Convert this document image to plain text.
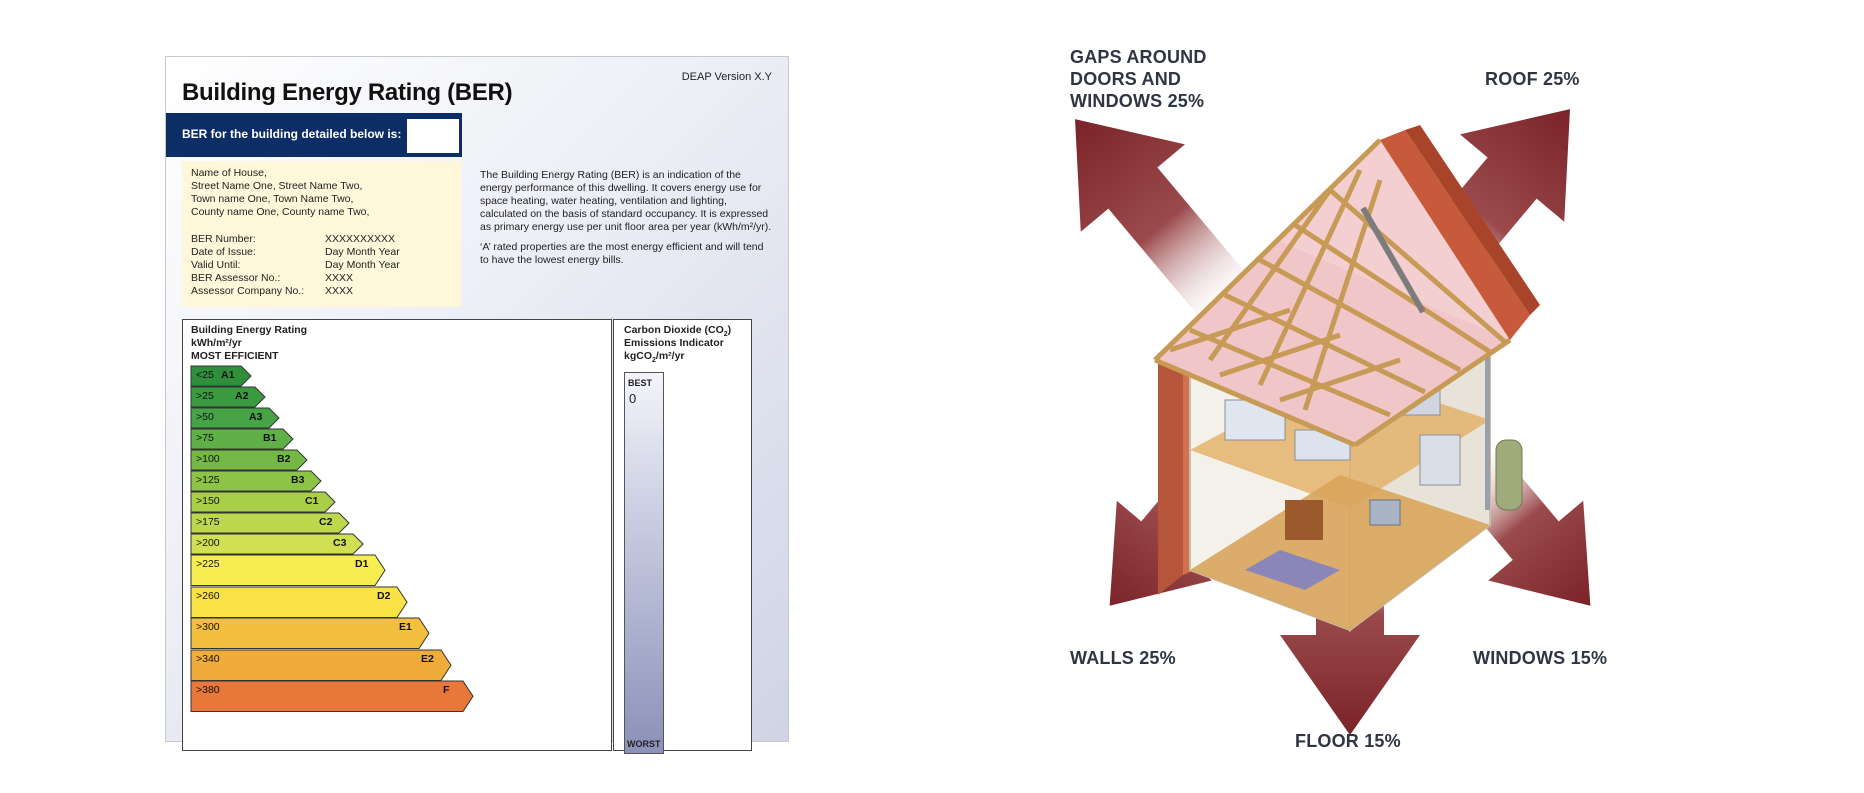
DEAP Version X.Y
Building Energy Rating (BER)
BER for the building detailed below is:
Name of House,
Street Name One, Street Name Two,
Town name One, Town Name Two,
County name One, County name Two,
BER Number:	XXXXXXXXXX
Date of Issue:	Day Month Year
Valid Until:	Day Month Year
BER Assessor No.:	XXXX
Assessor Company No.: XXXX

The Building Energy Rating (BER) is an indication of the energy performance of this dwelling. It covers energy use for space heating, water heating, ventilation and lighting, calculated on the basis of standard occupancy. It is expressed as primary energy use per unit floor area per year (kWh/m²/yr).

‘A’ rated properties are the most energy efficient and will tend to have the lowest energy bills.

Building Energy Rating
kWh/m²/yr
MOST EFFICIENT
<25 A1
>25 A2
>50	A3
>75	B1
>100	B2
>125	B3
>150	C1
>175	C2
>200	C3
>225	D1
>260	D2
>300	E1
>340	E2
>380	F
Carbon Dioxide $(CO_2)$
Emissions Indicator
kgCO$_2$/m²/yr
BEST
0
WORST
GAPS AROUND
DOORS AND
WINDOWS 25%
ROOF 25%
WALLS 25%	WINDOWS 15%
FLOOR 15%
